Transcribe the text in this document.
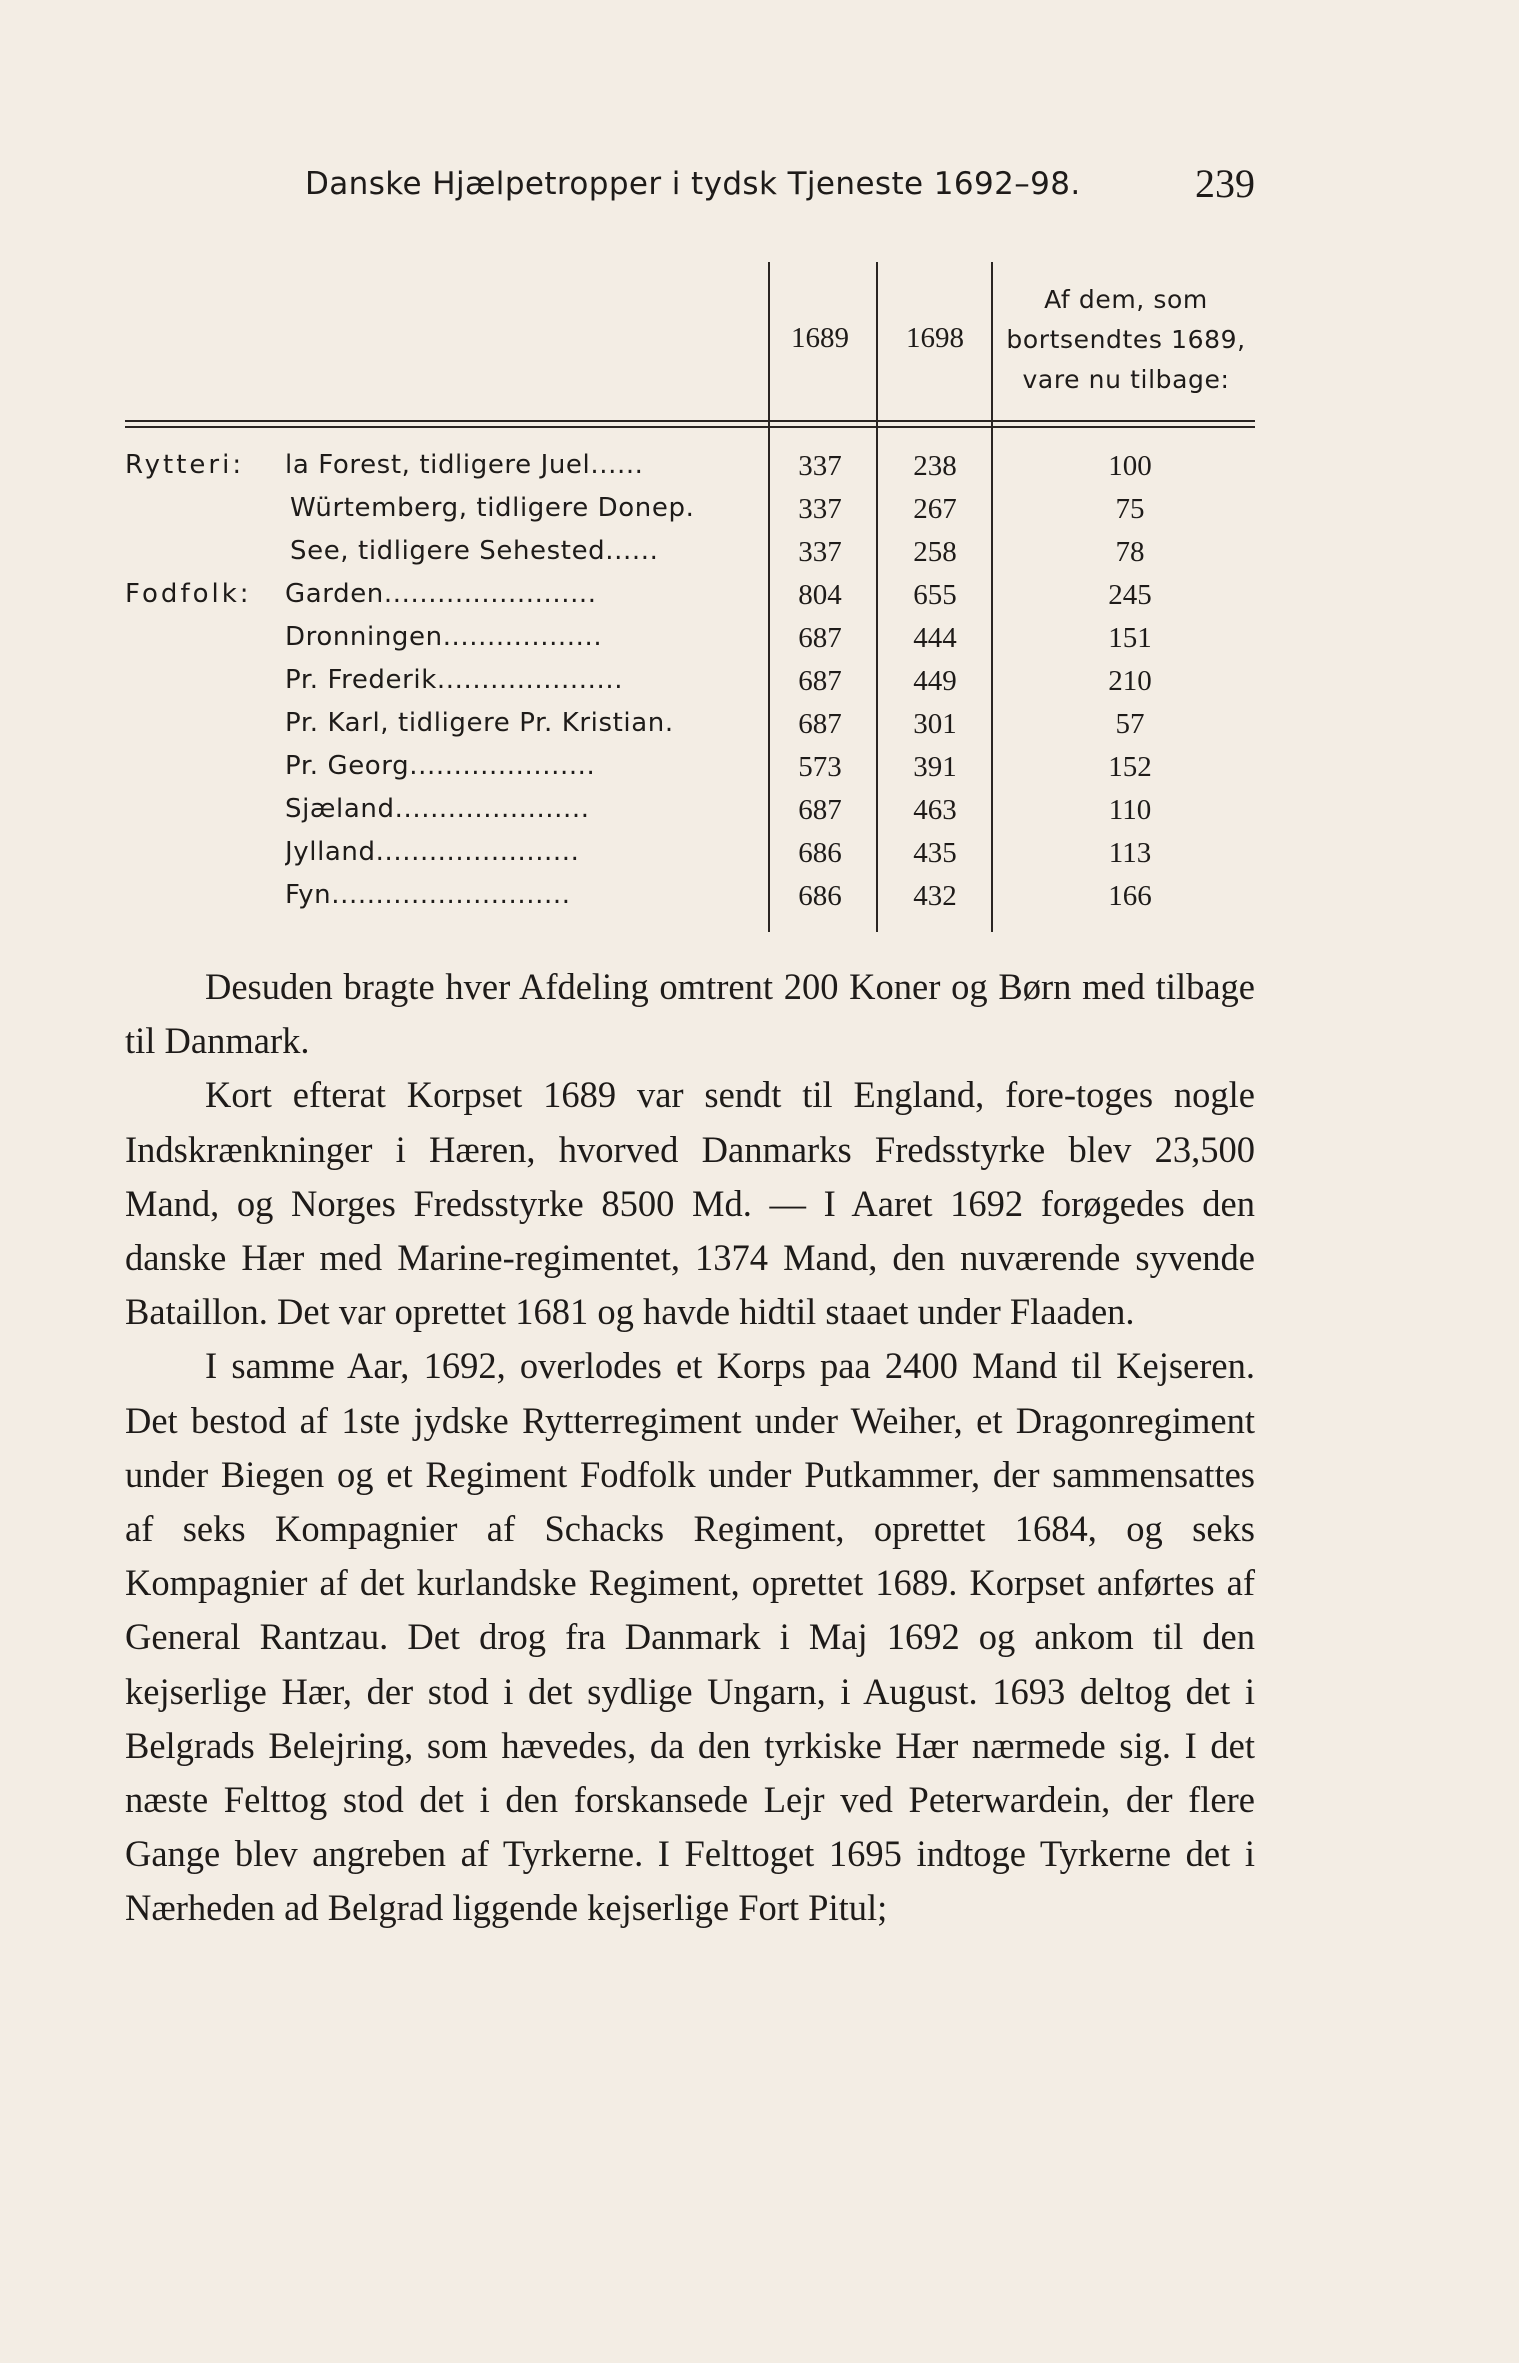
Danske Hjælpetropper i tydsk Tjeneste 1692–98.	239
1689	1698
Af dem, som
bortsendtes 1689,
vare nu tilbage:
Rytteri: la Forest, tidligere Juel......	337	238	100
Würtemberg, tidligere Donep.	337	267	75
See, tidligere Sehested......	337	258	78
Fodfolk: Garden........................	804	655	245
Dronningen..................	687	444	151
Pr. Frederik.....................	687	449	210
Pr. Karl, tidligere Pr. Kristian.	687	301	57
Pr. Georg.....................	573	391	152
Sjæland......................	687	463	110
Jylland.......................	686	435	113
Fyn...........................	686	432	166

Desuden bragte hver Afdeling omtrent 200 Koner og Børn med tilbage til Danmark.

Kort efterat Korpset 1689 var sendt til England, fore-toges nogle Indskrænkninger i Hæren, hvorved Danmarks Fredsstyrke blev 23,500 Mand, og Norges Fredsstyrke 8500 Md. — I Aaret 1692 forøgedes den danske Hær med Marine-regimentet, 1374 Mand, den nuværende syvende Bataillon. Det var oprettet 1681 og havde hidtil staaet under Flaaden.

I samme Aar, 1692, overlodes et Korps paa 2400 Mand til Kejseren. Det bestod af 1ste jydske Rytterregiment under Weiher, et Dragonregiment under Biegen og et Regiment Fodfolk under Putkammer, der sammensattes af seks Kompagnier af Schacks Regiment, oprettet 1684, og seks Kompagnier af det kurlandske Regiment, oprettet 1689. Korpset anførtes af General Rantzau. Det drog fra Danmark i Maj 1692 og ankom til den kejserlige Hær, der stod i det sydlige Ungarn, i August. 1693 deltog det i Belgrads Belejring, som hævedes, da den tyrkiske Hær nærmede sig. I det næste Felttog stod det i den forskansede Lejr ved Peterwardein, der flere Gange blev angreben af Tyrkerne. I Felttoget 1695 indtoge Tyrkerne det i Nærheden ad Belgrad liggende kejserlige Fort Pitul;
